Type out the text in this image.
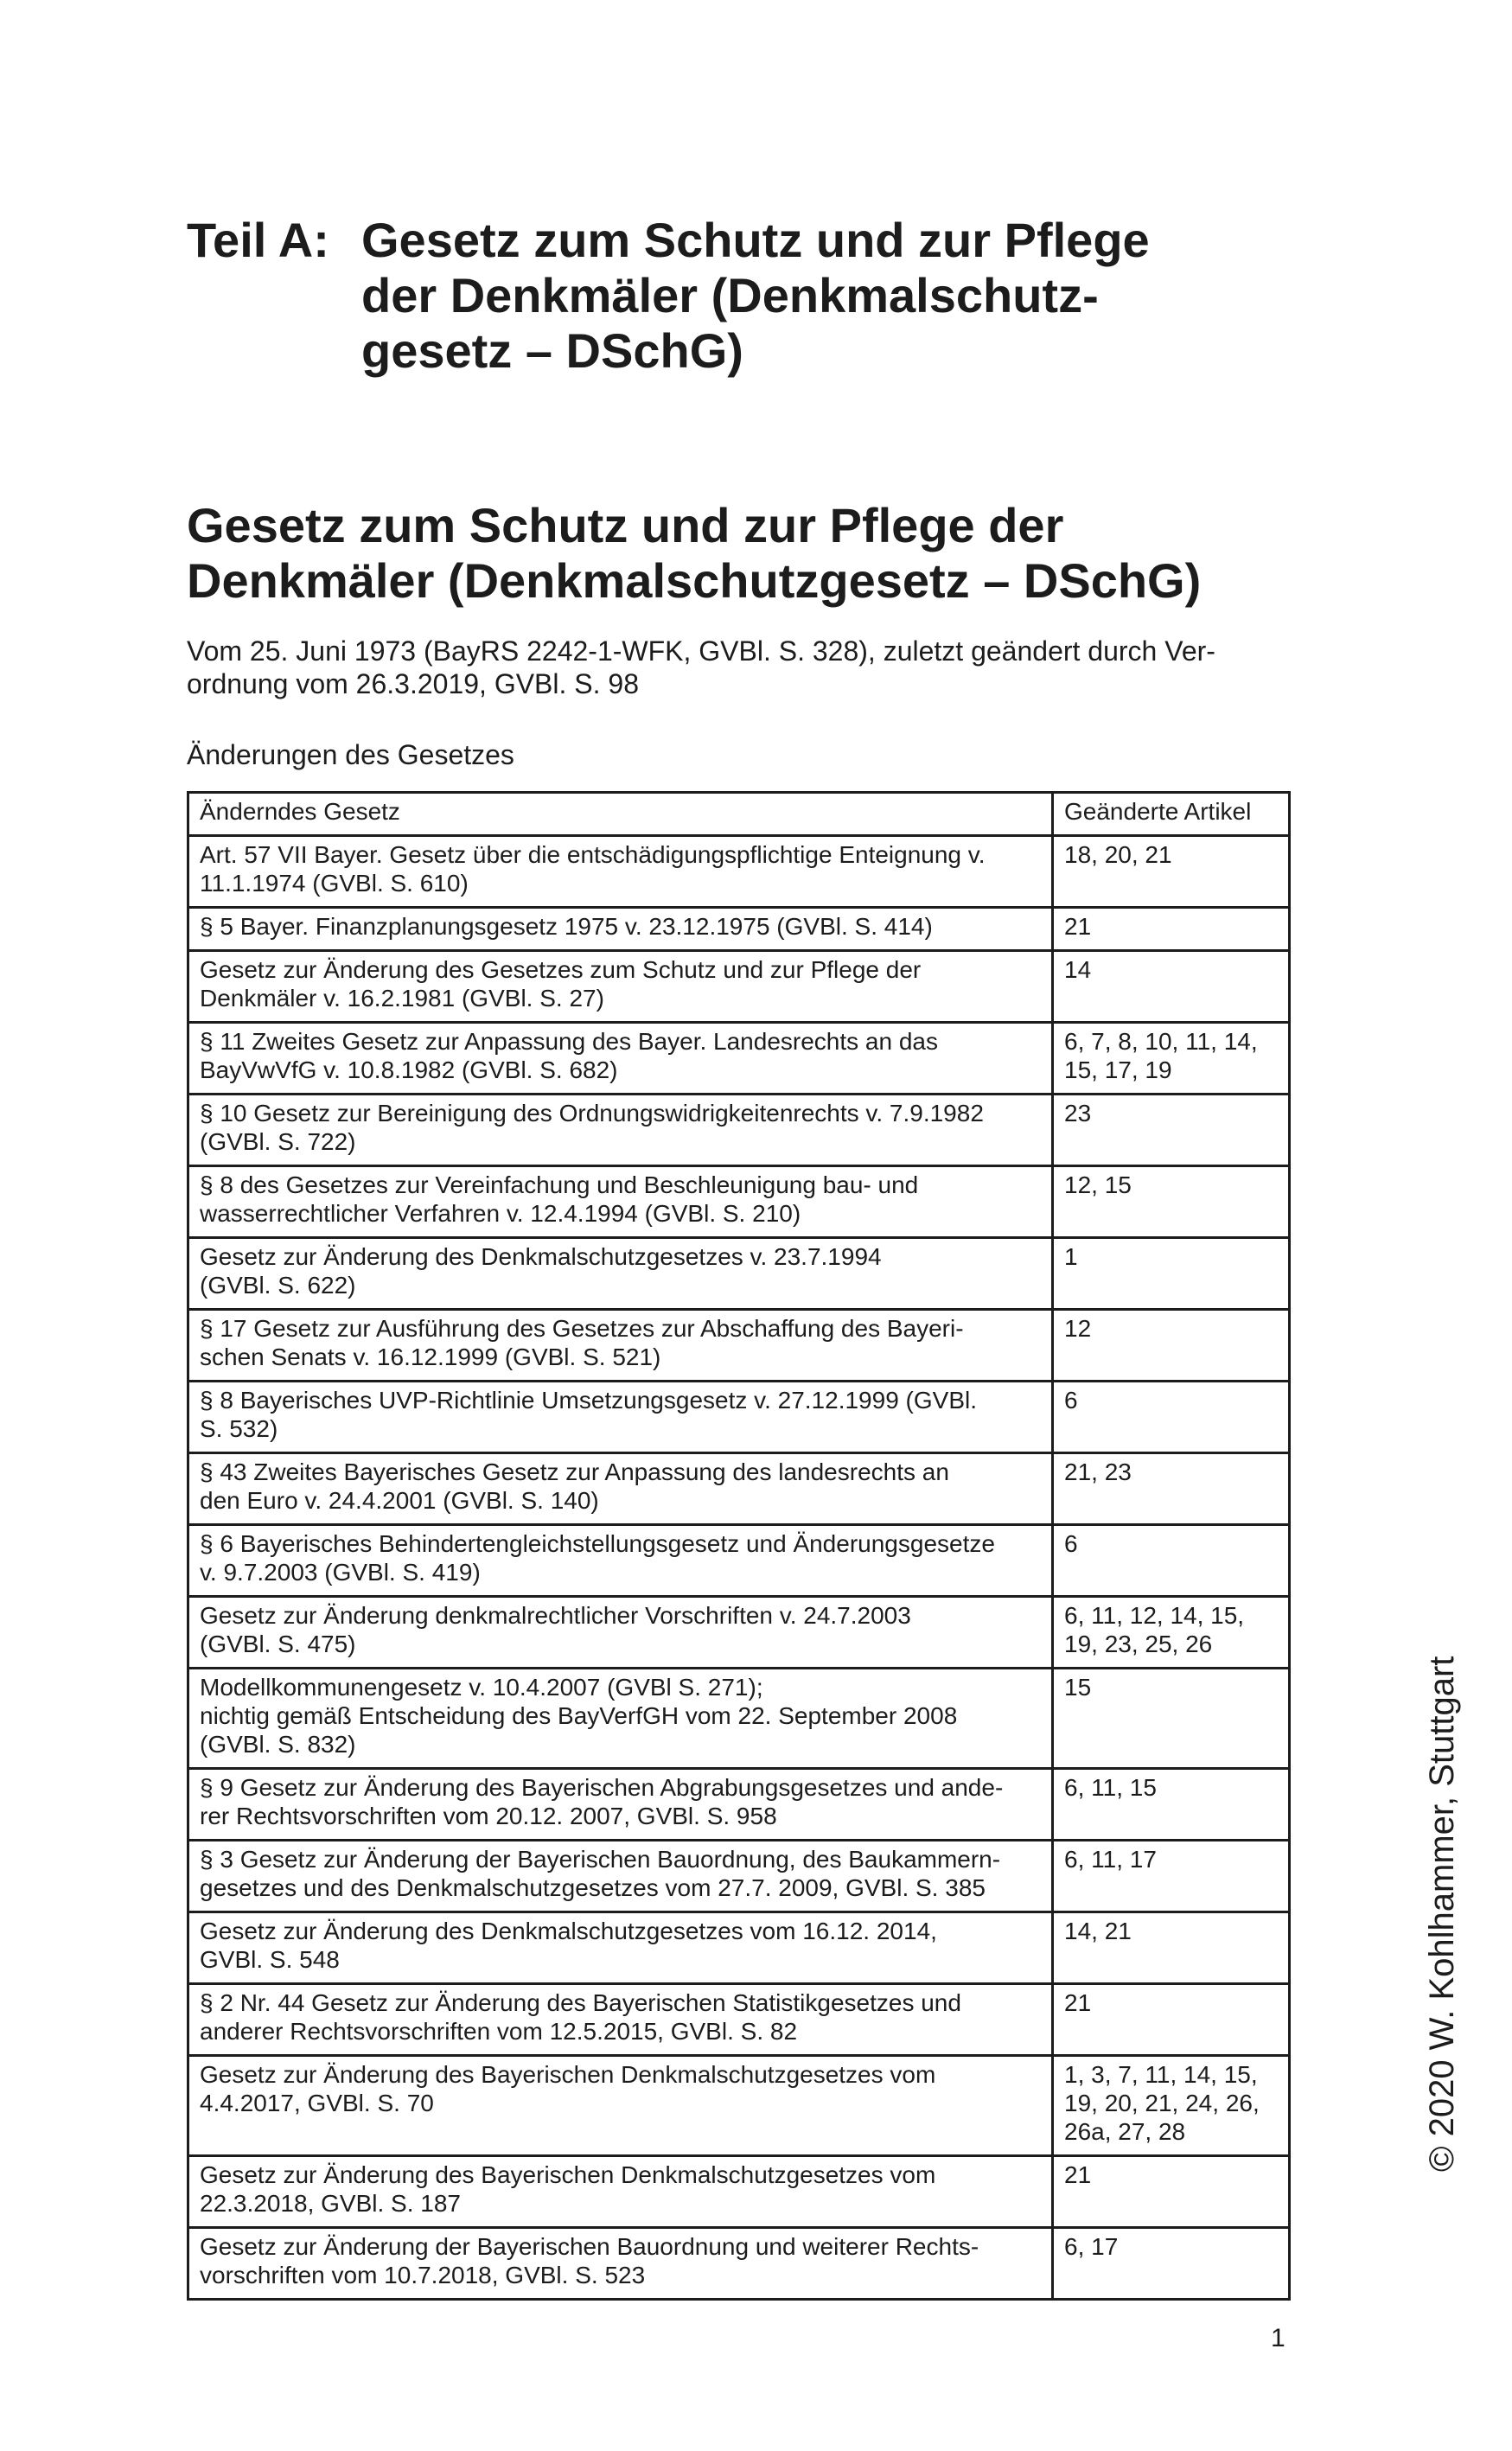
Teil A: Gesetz zum Schutz und zur Pflege
der Denkmäler (Denkmalschutz-
gesetz – DSchG)
Gesetz zum Schutz und zur Pflege der
Denkmäler (Denkmalschutzgesetz – DSchG)
Vom 25. Juni 1973 (BayRS 2242-1-WFK, GVBl. S. 328), zuletzt geändert durch Ver-
ordnung vom 26.3.2019, GVBl. S. 98
Änderungen des Gesetzes
Änderndes Gesetz	Geänderte Artikel

Art. 57 VII Bayer. Gesetz über die entschädigungspflichtige Enteignung v.
11.1.1974 (GVBl. S. 610)	18, 20, 21

§ 5 Bayer. Finanzplanungsgesetz 1975 v. 23.12.1975 (GVBl. S. 414)	21

Gesetz zur Änderung des Gesetzes zum Schutz und zur Pflege der
Denkmäler v. 16.2.1981 (GVBl. S. 27)	14

§ 11 Zweites Gesetz zur Anpassung des Bayer. Landesrechts an das
BayVwVfG v. 10.8.1982 (GVBl. S. 682)	6, 7, 8, 10, 11, 14,
15, 17, 19

§ 10 Gesetz zur Bereinigung des Ordnungswidrigkeitenrechts v. 7.9.1982
(GVBl. S. 722)	23

§ 8 des Gesetzes zur Vereinfachung und Beschleunigung bau- und
wasserrechtlicher Verfahren v. 12.4.1994 (GVBl. S. 210)	12, 15

Gesetz zur Änderung des Denkmalschutzgesetzes v. 23.7.1994
(GVBl. S. 622)	1

§ 17 Gesetz zur Ausführung des Gesetzes zur Abschaffung des Bayeri-
schen Senats v. 16.12.1999 (GVBl. S. 521)	12

§ 8 Bayerisches UVP-Richtlinie Umsetzungsgesetz v. 27.12.1999 (GVBl.
S. 532)	6

§ 43 Zweites Bayerisches Gesetz zur Anpassung des landesrechts an
den Euro v. 24.4.2001 (GVBl. S. 140)	21, 23

§ 6 Bayerisches Behindertengleichstellungsgesetz und Änderungsgesetze
v. 9.7.2003 (GVBl. S. 419)	6

Gesetz zur Änderung denkmalrechtlicher Vorschriften v. 24.7.2003
(GVBl. S. 475)	6, 11, 12, 14, 15,
19, 23, 25, 26

Modellkommunengesetz v. 10.4.2007 (GVBl S. 271);
nichtig gemäß Entscheidung des BayVerfGH vom 22. September 2008
(GVBl. S. 832)	15

§ 9 Gesetz zur Änderung des Bayerischen Abgrabungsgesetzes und ande-
rer Rechtsvorschriften vom 20.12. 2007, GVBl. S. 958	6, 11, 15

§ 3 Gesetz zur Änderung der Bayerischen Bauordnung, des Baukammern-
gesetzes und des Denkmalschutzgesetzes vom 27.7. 2009, GVBl. S. 385	6, 11, 17

Gesetz zur Änderung des Denkmalschutzgesetzes vom 16.12. 2014,
GVBl. S. 548	14, 21

§ 2 Nr. 44 Gesetz zur Änderung des Bayerischen Statistikgesetzes und
anderer Rechtsvorschriften vom 12.5.2015, GVBl. S. 82	21

Gesetz zur Änderung des Bayerischen Denkmalschutzgesetzes vom
4.4.2017, GVBl. S. 70	1, 3, 7, 11, 14, 15,
19, 20, 21, 24, 26,
26a, 27, 28

Gesetz zur Änderung des Bayerischen Denkmalschutzgesetzes vom
22.3.2018, GVBl. S. 187	21

Gesetz zur Änderung der Bayerischen Bauordnung und weiterer Rechts-
vorschriften vom 10.7.2018, GVBl. S. 523	6, 17
© 2020 W. Kohlhammer, Stuttgart
1
